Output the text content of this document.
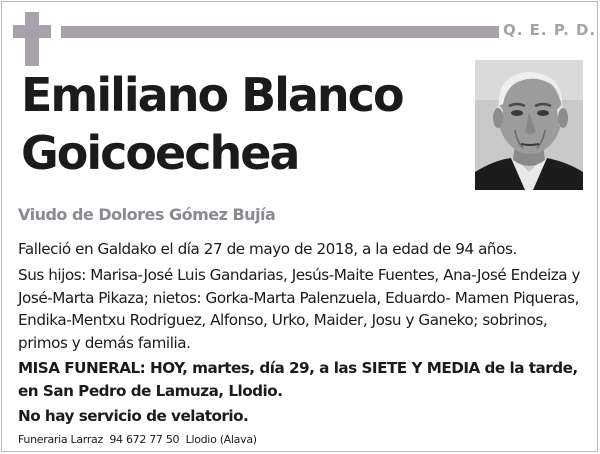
Q. E. P. D.
Emiliano Blanco
Goicoechea
Viudo de Dolores Gómez Bujía
Falleció en Galdako el día 27 de mayo de 2018, a la edad de 94 años.
Sus hijos: Marisa-José Luis Gandarias, Jesús-Maite Fuentes, Ana-José Endeiza y José-Marta Pikaza; nietos: Gorka-Marta Palenzuela, Eduardo- Mamen Piqueras, Endika-Mentxu Rodriguez, Alfonso, Urko, Maider, Josu y Ganeko; sobrinos, primos y demás familia.
MISA FUNERAL: HOY, martes, día 29, a las SIETE Y MEDIA de la tarde, en San Pedro de Lamuza, Llodio.
No hay servicio de velatorio.
Funeraria Larraz  94 672 77 50  Llodio (Alava)
